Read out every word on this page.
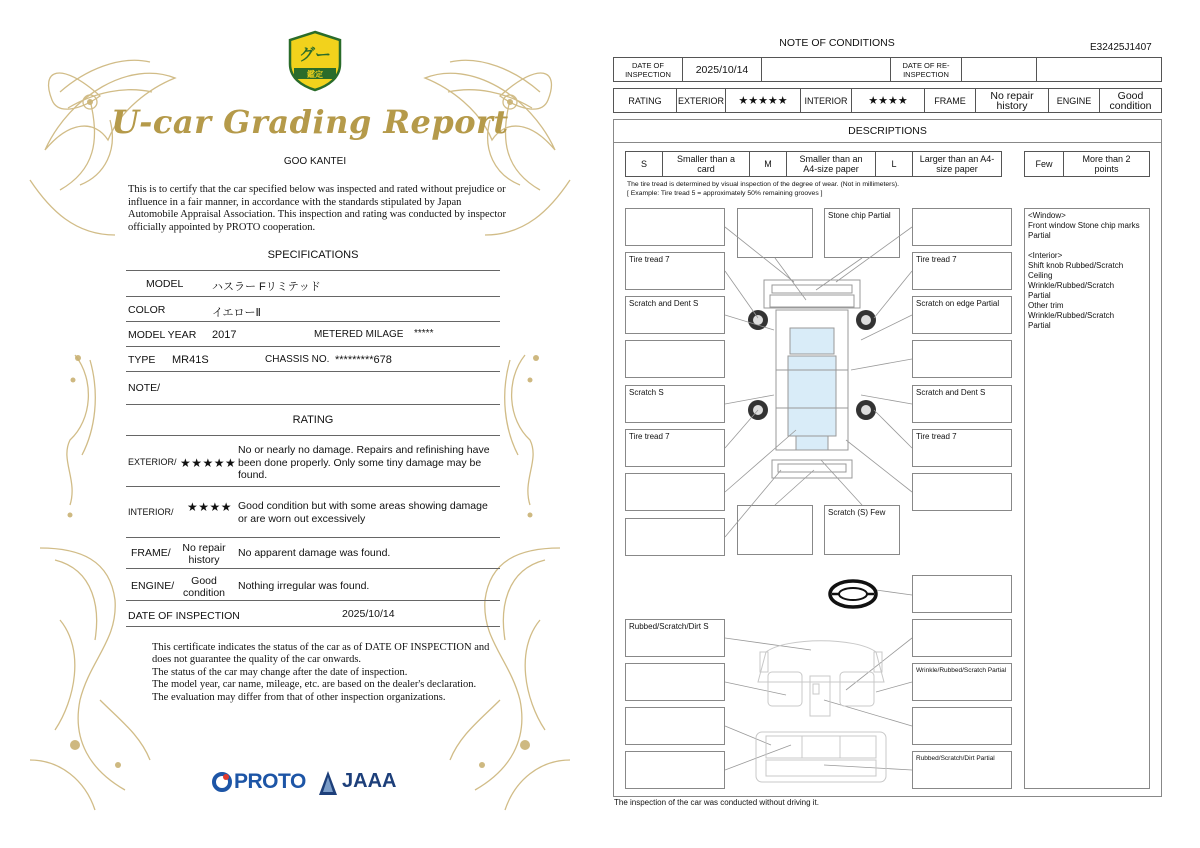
グー
鑑定
U-car Grading Report
GOO KANTEI
This is to certify that the car specified below was inspected and rated without prejudice or influence in a fair manner, in accordance with the standards stipulated by Japan Automobile Appraisal Association. This inspection and rating was conducted by inspector officially appointed by PROTO cooperation.
SPECIFICATIONS
MODEL	ハスラー Fリミテッド
COLOR	イエローⅡ
MODEL YEAR 2017	METERED MILAGE *****
TYPE MR41S	CHASSIS NO. *********678
NOTE/
RATING
EXTERIOR/ ★★★★★
No or nearly no damage. Repairs and refinishing have been done properly. Only some tiny damage may be found.
INTERIOR/ ★★★★ Good condition but with some areas showing damage or are worn out excessively
FRAME/	No repair history
No apparent damage was found.
ENGINE/	Good condition
Nothing irregular was found.
DATE OF INSPECTION	2025/10/14
This certificate indicates the status of the car as of DATE OF INSPECTION and does not guarantee the quality of the car onwards.
The status of the car may change after the date of inspection.
The model year, car name, mileage, etc. are based on the dealer's declaration.
The evaluation may differ from that of other inspection organizations.
PROTO JAAA
NOTE OF CONDITIONS	E32425J1407
DATE OF INSPECTION	2025/10/14	DATE OF RE-INSPECTION
RATING	EXTERIOR	★★★★★	INTERIOR	★★★★	FRAME	No repair history	ENGINE	Good condition
DESCRIPTIONS
S	Smaller than a card	M	Smaller than an A4-size paper	L	Larger than an A4-size paper	Few	More than 2 points
The tire tread is determined by visual inspection of the degree of wear. (Not in millimeters).
[ Example: Tire tread 5 = approximately 50% remaining grooves ]
Tire tread 7
Scratch and Dent S
Scratch S
Tire tread 7
Stone chip Partial
Scratch (S) Few
Tire tread 7
Scratch on edge Partial
Scratch and Dent S
Tire tread 7
Rubbed/Scratch/Dirt S
Wrinkle/Rubbed/Scratch Partial
Rubbed/Scratch/Dirt Partial
<Window>
Front window Stone chip marks Partial
<Interior>
Shift knob Rubbed/Scratch
Ceiling
Wrinkle/Rubbed/Scratch
Partial
Other trim
Wrinkle/Rubbed/Scratch
Partial
The inspection of the car was conducted without driving it.
